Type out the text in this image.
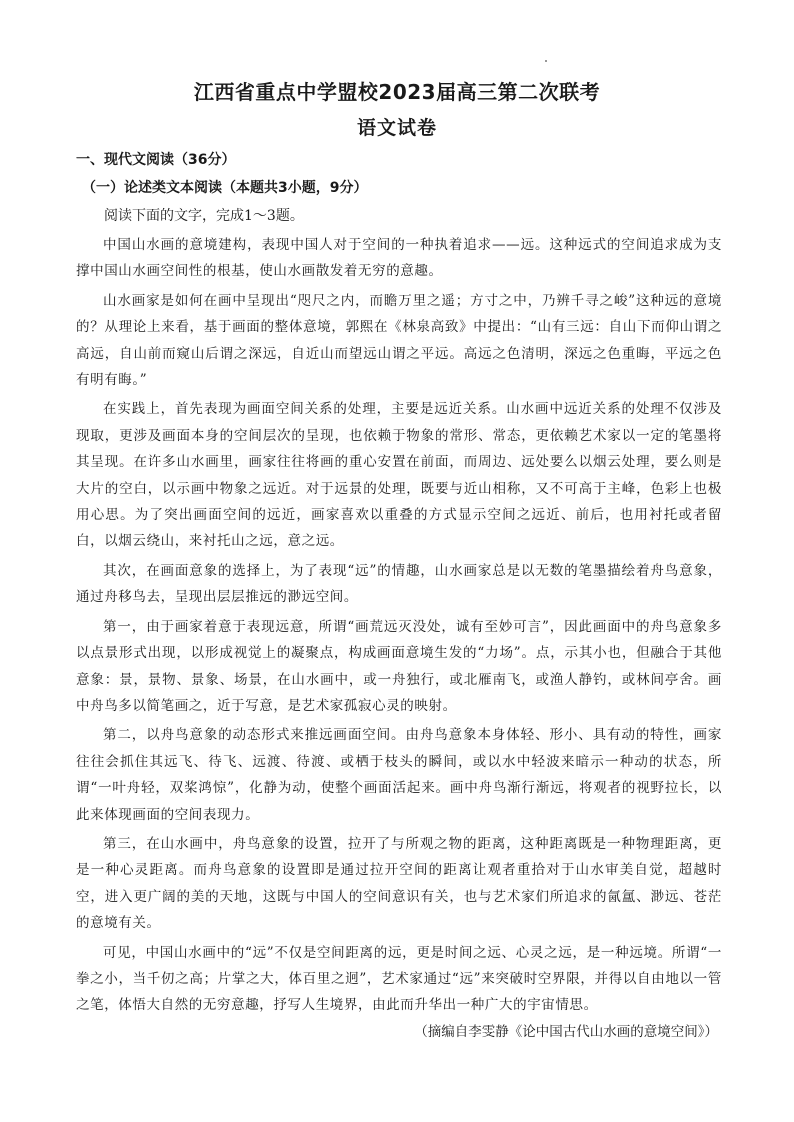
江西省重点中学盟校2023届高三第二次联考
语文试卷
一、现代文阅读（36分）
（一）论述类文本阅读（本题共3小题，9分）

阅读下面的文字，完成1～3题。

中国山水画的意境建构，表现中国人对于空间的一种执着追求——远。这种远式的空间追求成为支撑中国山水画空间性的根基，使山水画散发着无穷的意趣。

山水画家是如何在画中呈现出“咫尺之内，而瞻万里之遥；方寸之中，乃辨千寻之峻”这种远的意境的？从理论上来看，基于画面的整体意境，郭熙在《林泉高致》中提出：“山有三远：自山下而仰山谓之高远，自山前而窥山后谓之深远，自近山而望远山谓之平远。高远之色清明，深远之色重晦，平远之色有明有晦。”

在实践上，首先表现为画面空间关系的处理，主要是远近关系。山水画中远近关系的处理不仅涉及现取，更涉及画面本身的空间层次的呈现，也依赖于物象的常形、常态，更依赖艺术家以一定的笔墨将其呈现。在许多山水画里，画家往往将画的重心安置在前面，而周边、远处要么以烟云处理，要么则是大片的空白，以示画中物象之远近。对于远景的处理，既要与近山相称，又不可高于主峰，色彩上也极用心思。为了突出画面空间的远近，画家喜欢以重叠的方式显示空间之远近、前后，也用衬托或者留白，以烟云绕山，来衬托山之远，意之远。

其次，在画面意象的选择上，为了表现“远”的情趣，山水画家总是以无数的笔墨描绘着舟鸟意象，通过舟移鸟去，呈现出层层推远的渺远空间。

第一，由于画家着意于表现远意，所谓“画荒远灭没处，诚有至妙可言”，因此画面中的舟鸟意象多以点景形式出现，以形成视觉上的凝聚点，构成画面意境生发的“力场”。点，示其小也，但融合于其他意象：景，景物、景象、场景，在山水画中，或一舟独行，或北雁南飞，或渔人静钓，或林间亭舍。画中舟鸟多以简笔画之，近于写意，是艺术家孤寂心灵的映射。

第二，以舟鸟意象的动态形式来推远画面空间。由舟鸟意象本身体轻、形小、具有动的特性，画家往往会抓住其远飞、待飞、远渡、待渡、或栖于枝头的瞬间，或以水中轻波来暗示一种动的状态，所谓“一叶舟轻，双桨鸿惊”，化静为动，使整个画面活起来。画中舟鸟渐行渐远，将观者的视野拉长，以此来体现画面的空间表现力。

第三，在山水画中，舟鸟意象的设置，拉开了与所观之物的距离，这种距离既是一种物理距离，更是一种心灵距离。而舟鸟意象的设置即是通过拉开空间的距离让观者重拾对于山水审美自觉，超越时空，进入更广阔的美的天地，这既与中国人的空间意识有关，也与艺术家们所追求的氤氲、渺远、苍茫的意境有关。

可见，中国山水画中的“远”不仅是空间距离的远，更是时间之远、心灵之远，是一种远境。所谓“一拳之小，当千仞之高；片掌之大，体百里之迥”，艺术家通过“远”来突破时空界限，并得以自由地以一管之笔，体悟大自然的无穷意趣，抒写人生境界，由此而升华出一种广大的宇宙情思。

（摘编自李雯静《论中国古代山水画的意境空间》）
